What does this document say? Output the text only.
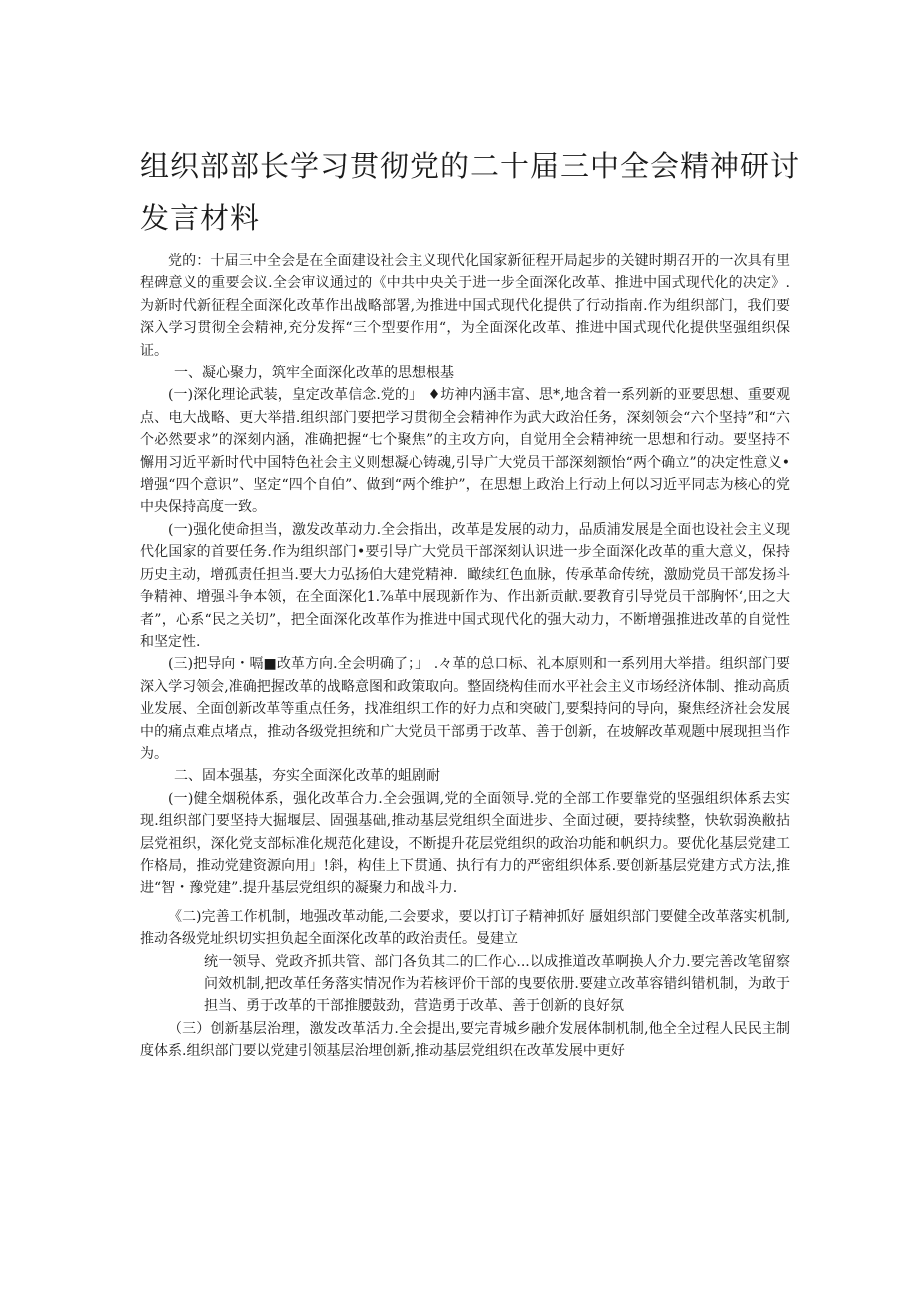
组织部部长学习贯彻党的二十届三中全会精神研讨发言材料

党的：十届三中全会是在全面建设社会主义现代化国家新征程开局起步的关键时期召开的一次具有里程碑意义的重要会议.全会审议通过的《中共中央关于进一步全面深化改革、推进中国式现代化的决定》.为新时代新征程全面深化改革作出战略部署,为推进中国式现代化提供了行动指南.作为组织部门，我们要深入学习贯彻全会精神,充分发挥“三个型要作用“，为全面深化改革、推进中国式现代化提供坚强组织保证。

一、凝心聚力，筑牢全面深化改革的思想根基

(一)深化理论武装，皇定改革信念.党的」 ♦坊神内涵丰富、思*,地含着一系列新的亚要思想、重要观点、电大战略、更大举措.组织部门要把学习贯彻全会精神作为武大政治任务，深刻领会“六个坚持”和“六个必然要求”的深刻内涵，准确把握“七个聚焦”的主攻方向，自觉用全会精神统一思想和行动。要坚持不懈用习近平新时代中国特色社会主义则想凝心铸魂,引导广大党员干部深刻额怡“两个确立”的决定性意义•增强“四个意识”、坚定“四个自伯”、做到“两个维护”，在思想上政治上行动上何以习近平同志为核心的党中央保持高度一致。

(一)强化使命担当，激发改革动力.全会指出，改革是发展的动力，品质浦发展是全面也设社会主义现代化国家的首要任务.作为组织部门•要引导广大党员干部深刻认识进一步全面深化改革的重大意义，保持历史主动，增孤责任担当.要大力弘扬伯大建党精神．瞰续红色血脉，传承革命传统，激励党员干部发扬斗争精神、增强斗争本领，在全面深化1.⅞革中展现新作为、作出新贡献.要教育引导党员干部胸怀‘,田之大者”，心系“民之关切”，把全面深化改革作为推进中国式现代化的强大动力，不断增强推进改革的自觉性和坚定性.

(三)把导向・嗝■改革方向.全会明确了；」 .々革的总口标、礼本原则和一系列用大举措。组织部门要深入学习领会,准确把握改革的战略意图和政策取向。整固绕构佳而水平社会主义市场经济体制、推动高质业发展、全面创新改革等重点任务，找准组织工作的好力点和突破门,要梨持问的导向，聚焦经济社会发展中的痛点难点堵点，推动各级党担统和广大党员干部勇于改革、善于创新，在坡解改革观题中展现担当作为。

二、固本强基，夯实全面深化改革的蛆剧耐

(一)健全烟税体系，强化改革合力.全会强调,党的全面领导.党的全部工作要靠党的坚强组织体系去实现.组织部门要坚持大掘堰层、固强基础,推动基层党组织全面进步、全面过硬，要持续整，快软弱涣敝拈层党祖织，深化党支部标准化规范化建设，不断提升花层党组织的政治功能和帆织力。要优化基层党建工作格局，推动党建资源向用」!斜，构佳上下贯通、执行有力的严密组织体系.要创新基层党建方式方法,推进“智・豫党建”.提升基层党组织的凝聚力和战斗力.

《二)完善工作机制，地强改革动能,二会要求，要以打订子精神抓好 蜃姐织部门要健全改革落实机制,推动各级党址织切实担负起全面深化改革的政治责任。曼建立

统一领导、党政齐抓共管、部门各负其二的匚作心...以成推道改革啊换人介力.要完善改笔留察问效机制,把改革任务落实情况作为若核评价干部的曳要依册.要建立改革容错纠错机制，为敢于担当、勇于改革的干部推腰鼓劲，营造勇于改革、善于创新的良好氛

（三）创新基层治理，激发改革活力.全会提出,要完青城乡融介发展体制机制,他全全过程人民民主制度体系.组织部门要以党建引领基层治埋创新,推动基层党组织在改革发展中更好
